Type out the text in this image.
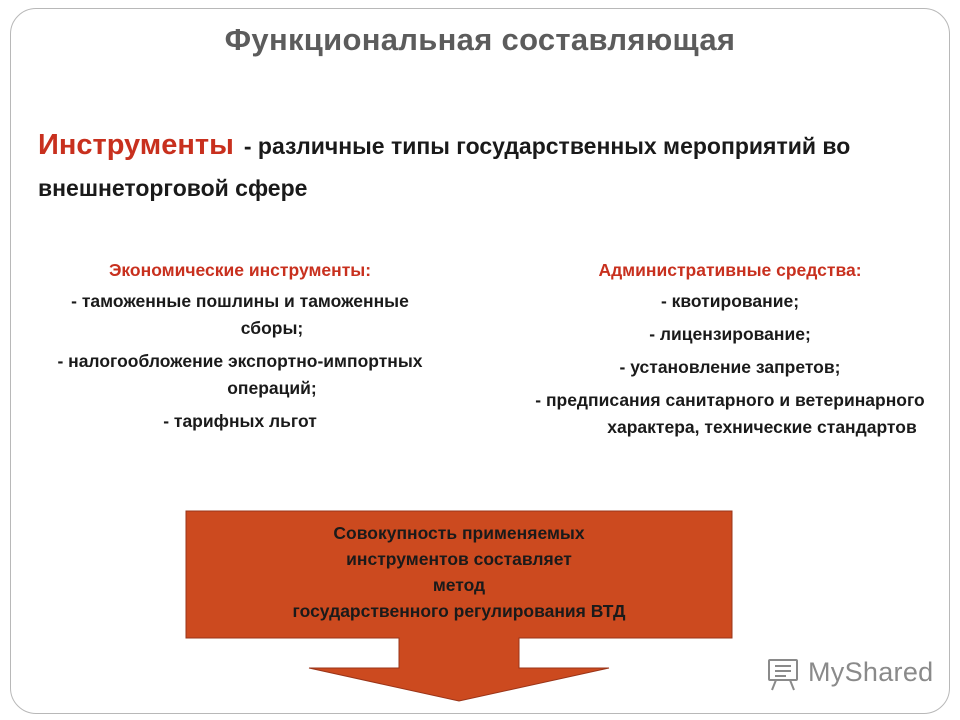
Функциональная составляющая
Инструменты - различные типы государственных мероприятий во внешнеторговой сфере
Экономические инструменты:
- таможенные пошлины и таможенные сборы;
- налогообложение экспортно-импортных операций;
- тарифных льгот
Административные средства:
- квотирование;
- лицензирование;
- установление запретов;
- предписания санитарного и ветеринарного характера, технические стандартов
Совокупность применяемых
инструментов составляет
метод
государственного регулирования ВТД
MyShared
